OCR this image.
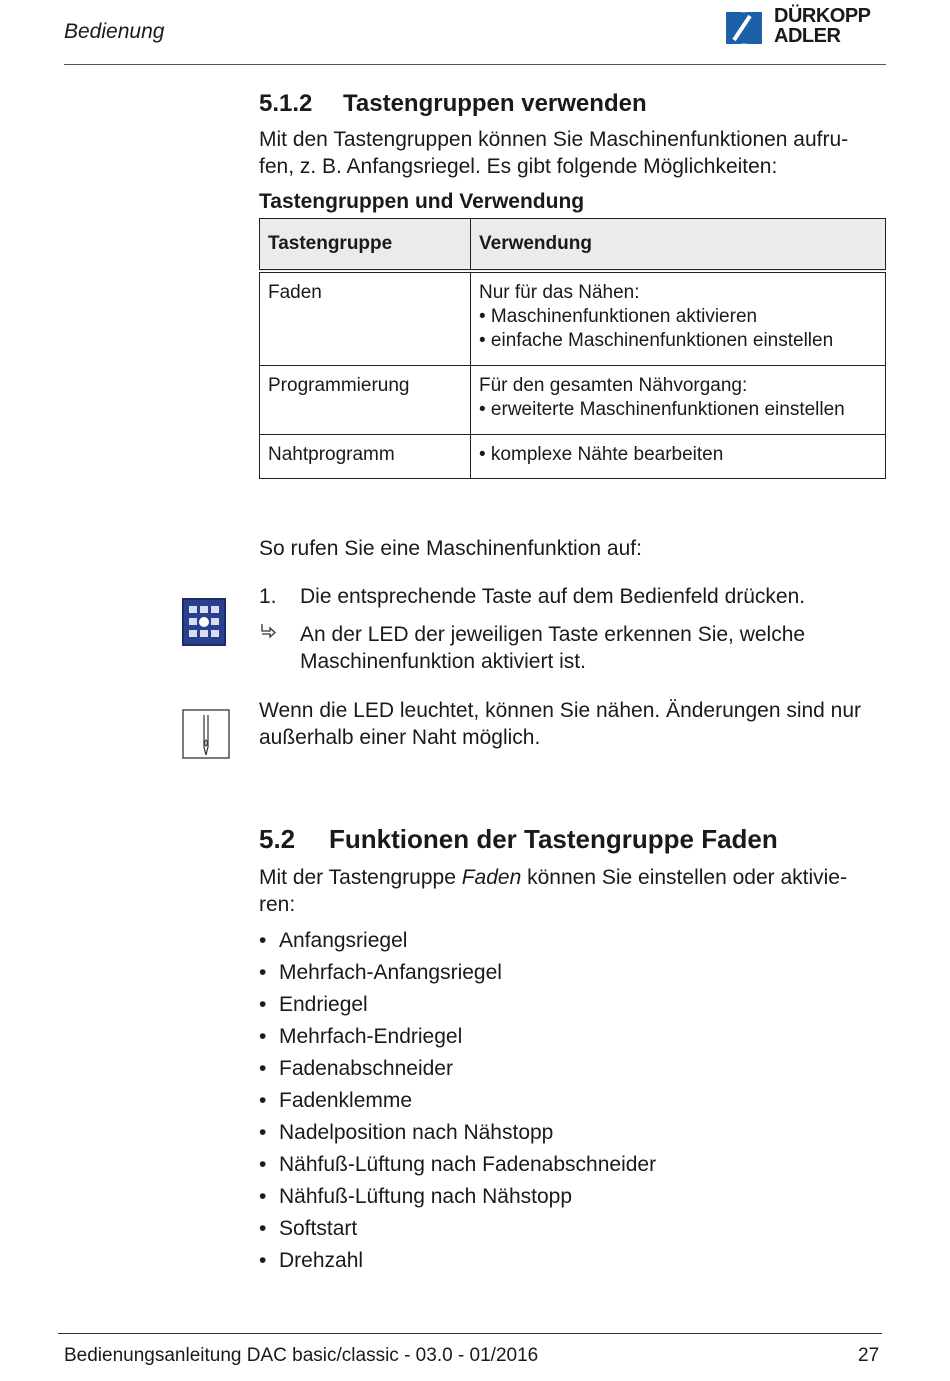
Bedienung
DÜRKOPP
ADLER
5.1.2 Tastengruppen verwenden
Mit den Tastengruppen können Sie Maschinenfunktionen aufru-
fen, z. B. Anfangsriegel. Es gibt folgende Möglichkeiten:
Tastengruppen und Verwendung
Tastengruppe	Verwendung
Faden	Nur für das Nähen:
• Maschinenfunktionen aktivieren
• einfache Maschinenfunktionen einstellen

Programmierung	Für den gesamten Nähvorgang:
• erweiterte Maschinenfunktionen einstellen

Nahtprogramm	• komplexe Nähte bearbeiten
So rufen Sie eine Maschinenfunktion auf:
1. Die entsprechende Taste auf dem Bedienfeld drücken.
An der LED der jeweiligen Taste erkennen Sie, welche
Maschinenfunktion aktiviert ist.
Wenn die LED leuchtet, können Sie nähen. Änderungen sind nur
außerhalb einer Naht möglich.
5.2 Funktionen der Tastengruppe Faden
Mit der Tastengruppe Faden können Sie einstellen oder aktivie-
ren:
• Anfangsriegel
• Mehrfach-Anfangsriegel
• Endriegel
• Mehrfach-Endriegel
• Fadenabschneider
• Fadenklemme
• Nadelposition nach Nähstopp
• Nähfuß-Lüftung nach Fadenabschneider
• Nähfuß-Lüftung nach Nähstopp
• Softstart
• Drehzahl
Bedienungsanleitung DAC basic/classic - 03.0 - 01/2016	27
